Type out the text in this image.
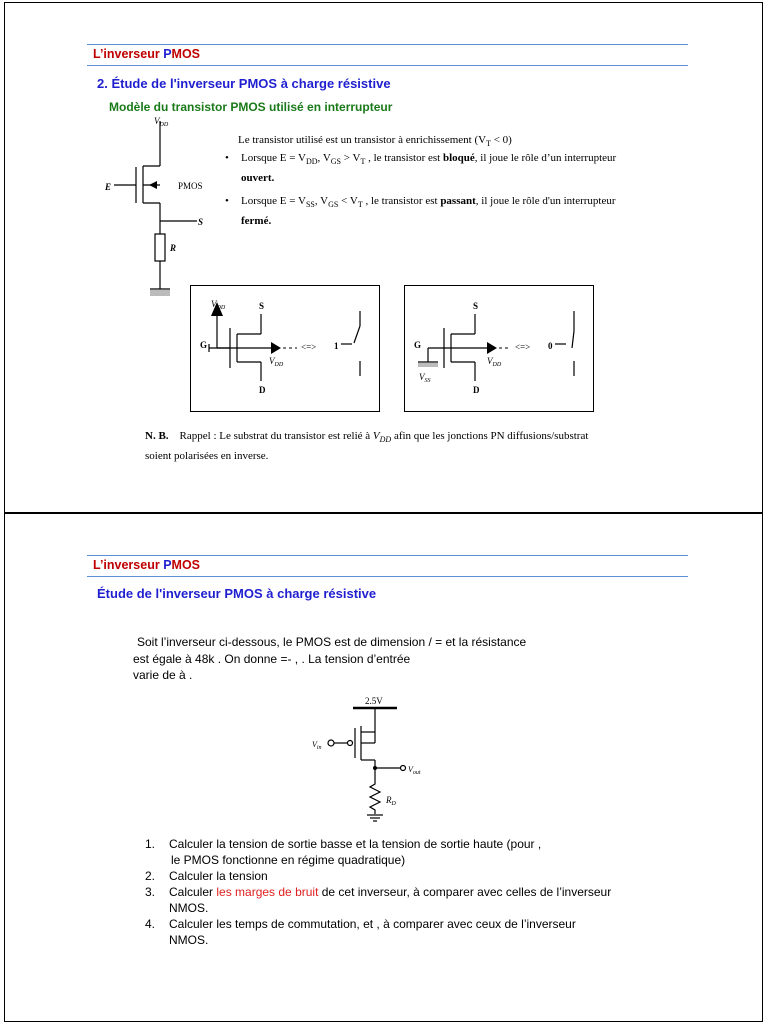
L’inverseur PMOS
2. Étude de l'inverseur PMOS à charge résistive
Modèle du transistor PMOS utilisé en interrupteur
$V_{DD}$
E	PMOS
S
R
Le transistor utilisé est un transistor à enrichissement $(V_T < 0)$
•	Lorsque $E = V_{DD}$, $V_{GS} > V_T$ , le transistor est bloqué, il joue le rôle d’un interrupteur
ouvert.
•	Lorsque $E = V_{SS}$, $V_{GS} < V_T$ , le transistor est passant, il joue le rôle d'un interrupteur
fermé.
$V_{DD}$	S
G
D
$V_{DD}$
<=> 1
S
G
$V_{SS}$
D
$V_{DD}$
<=> 0
N. B. Rappel : Le substrat du transistor est relié à $V_{DD}$ afin que les jonctions PN diffusions/substrat
soient polarisées en inverse.
L’inverseur PMOS
Étude de l'inverseur PMOS à charge résistive
Soit l’inverseur ci-dessous, le PMOS est de dimension / = et la résistance
est égale à 48k . On donne =- , . La tension d’entrée
varie de à .
2.5V
$V_{in}$
$V_{out}$
$R_D$
1. Calculer la tension de sortie basse et la tension de sortie haute (pour ,
le PMOS fonctionne en régime quadratique)
2. Calculer la tension
3. Calculer les marges de bruit de cet inverseur, à comparer avec celles de l’inverseur
NMOS.
4. Calculer les temps de commutation, et , à comparer avec ceux de l’inverseur
NMOS.
